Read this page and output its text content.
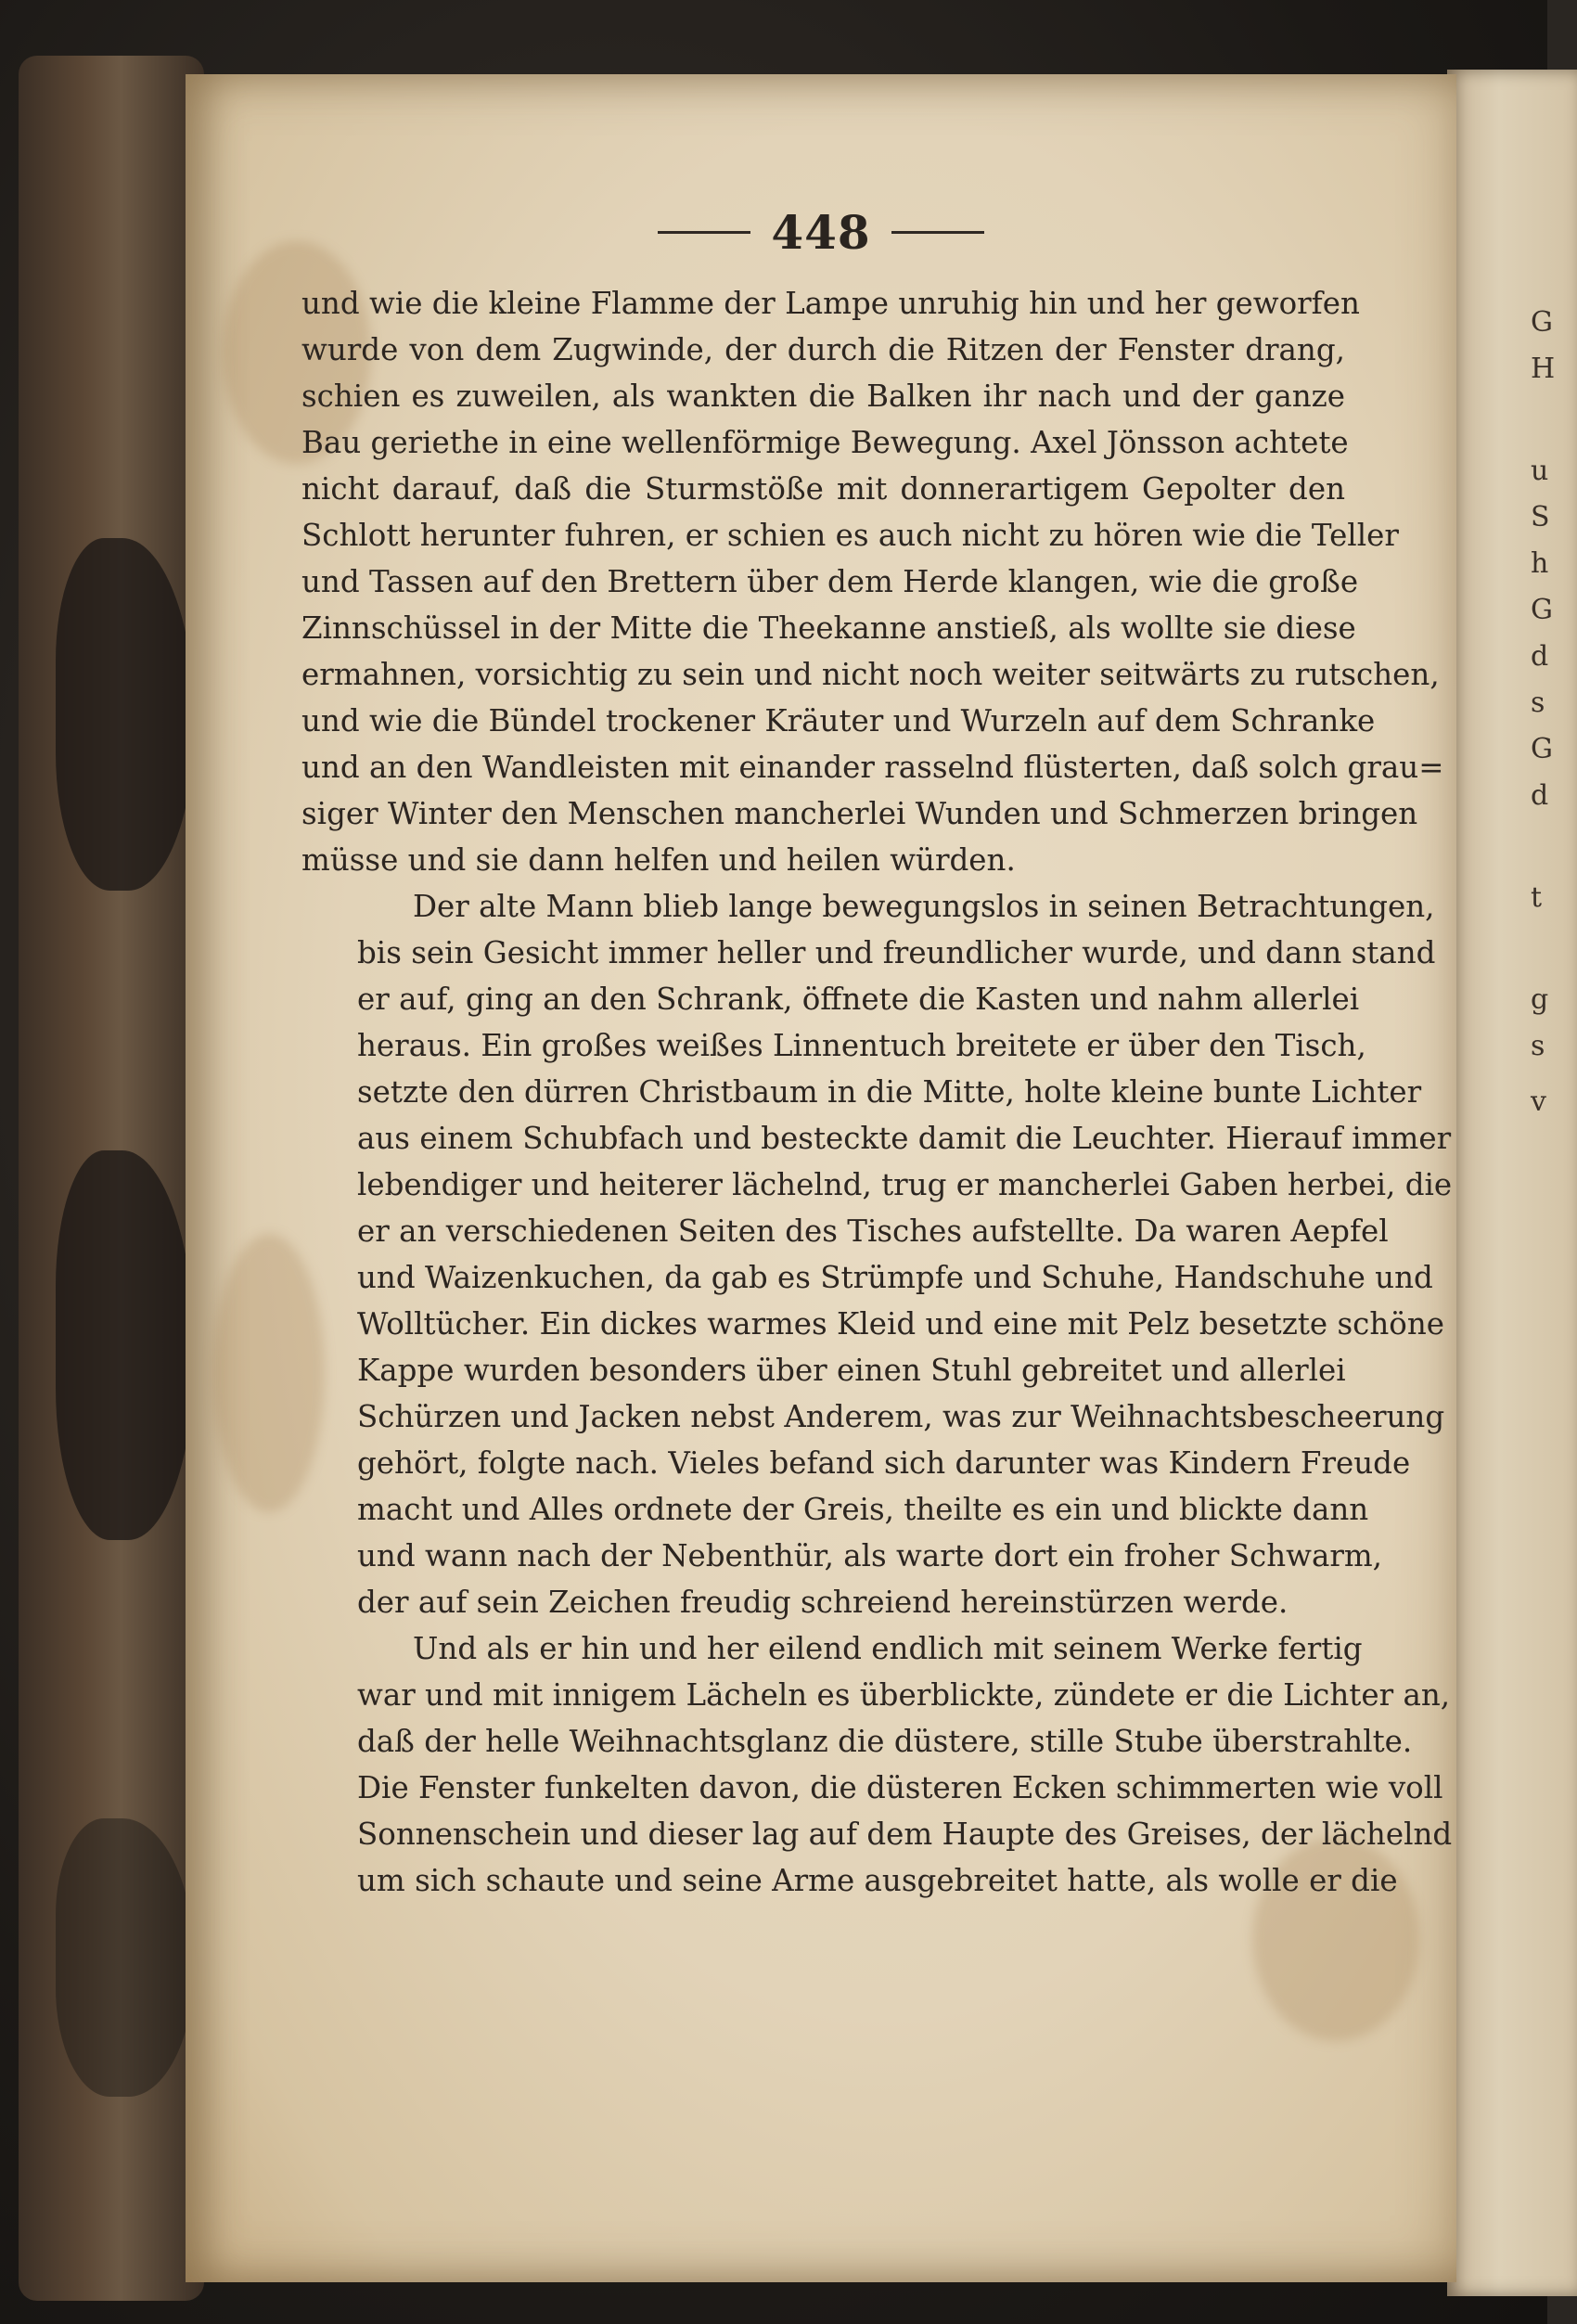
G
H
u
S
h
G
d
s
G
d
t
g
s
v
448
und wie die kleine Flamme der Lampe unruhig hin und her geworfen
wurde von dem Zugwinde, der durch die Ritzen der Fenster drang,
schien es zuweilen, als wankten die Balken ihr nach und der ganze
Bau geriethe in eine wellenförmige Bewegung. Axel Jönsson achtete
nicht darauf, daß die Sturmstöße mit donnerartigem Gepolter den
Schlott herunter fuhren, er schien es auch nicht zu hören wie die Teller
und Tassen auf den Brettern über dem Herde klangen, wie die große
Zinnschüssel in der Mitte die Theekanne anstieß, als wollte sie diese
ermahnen, vorsichtig zu sein und nicht noch weiter seitwärts zu rutschen,
und wie die Bündel trockener Kräuter und Wurzeln auf dem Schranke
und an den Wandleisten mit einander rasselnd flüsterten, daß solch grau=
siger Winter den Menschen mancherlei Wunden und Schmerzen bringen
müsse und sie dann helfen und heilen würden.
Der alte Mann blieb lange bewegungslos in seinen Betrachtungen,
bis sein Gesicht immer heller und freundlicher wurde, und dann stand
er auf, ging an den Schrank, öffnete die Kasten und nahm allerlei
heraus. Ein großes weißes Linnentuch breitete er über den Tisch,
setzte den dürren Christbaum in die Mitte, holte kleine bunte Lichter
aus einem Schubfach und besteckte damit die Leuchter. Hierauf immer
lebendiger und heiterer lächelnd, trug er mancherlei Gaben herbei, die
er an verschiedenen Seiten des Tisches aufstellte. Da waren Aepfel
und Waizenkuchen, da gab es Strümpfe und Schuhe, Handschuhe und
Wolltücher. Ein dickes warmes Kleid und eine mit Pelz besetzte schöne
Kappe wurden besonders über einen Stuhl gebreitet und allerlei
Schürzen und Jacken nebst Anderem, was zur Weihnachtsbescheerung
gehört, folgte nach. Vieles befand sich darunter was Kindern Freude
macht und Alles ordnete der Greis, theilte es ein und blickte dann
und wann nach der Nebenthür, als warte dort ein froher Schwarm,
der auf sein Zeichen freudig schreiend hereinstürzen werde.
Und als er hin und her eilend endlich mit seinem Werke fertig
war und mit innigem Lächeln es überblickte, zündete er die Lichter an,
daß der helle Weihnachtsglanz die düstere, stille Stube überstrahlte.
Die Fenster funkelten davon, die düsteren Ecken schimmerten wie voll
Sonnenschein und dieser lag auf dem Haupte des Greises, der lächelnd
um sich schaute und seine Arme ausgebreitet hatte, als wolle er die
